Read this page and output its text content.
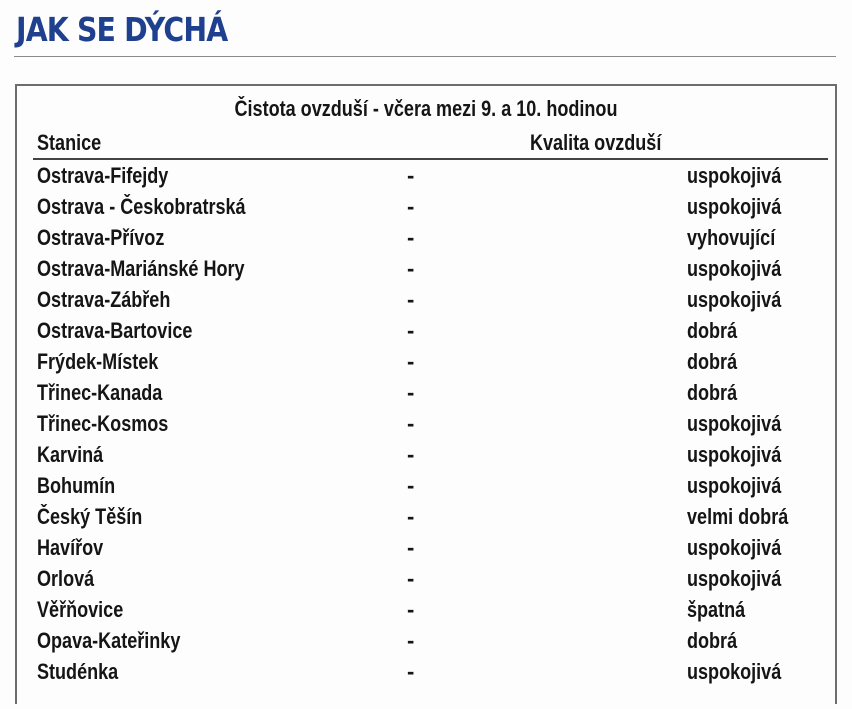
JAK SE DÝCHÁ
Čistota ovzduší - včera mezi 9. a 10. hodinou
Stanice	Kvalita ovzduší
Ostrava-Fifejdy	-	uspokojivá
Ostrava - Českobratrská	-	uspokojivá
Ostrava-Přívoz	-	vyhovující
Ostrava-Mariánské Hory	-	uspokojivá
Ostrava-Zábřeh	-	uspokojivá
Ostrava-Bartovice	-	dobrá
Frýdek-Místek	-	dobrá
Třinec-Kanada	-	dobrá
Třinec-Kosmos	-	uspokojivá
Karviná	-	uspokojivá
Bohumín	-	uspokojivá
Český Těšín	-	velmi dobrá
Havířov	-	uspokojivá
Orlová	-	uspokojivá
Věřňovice	-	špatná
Opava-Kateřinky	-	dobrá
Studénka	-	uspokojivá
